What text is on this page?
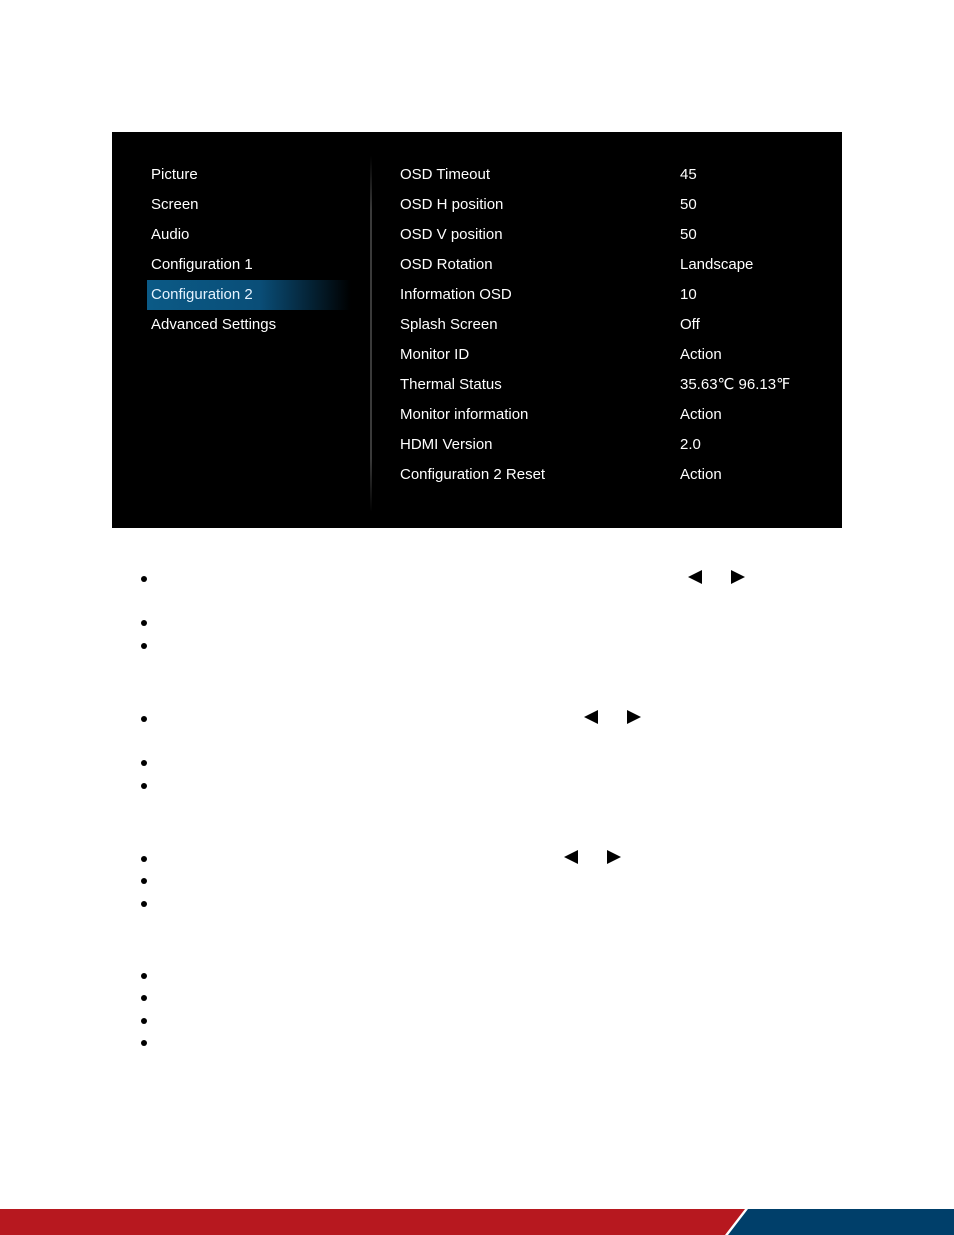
Picture
Screen
Audio
Configuration 1
Configuration 2
Advanced Settings
OSD Timeout	45
OSD H position	50
OSD V position	50
OSD Rotation	Landscape
Information OSD	10
Splash Screen	Off
Monitor ID	Action
Thermal Status	35.63℃ 96.13℉
Monitor information	Action
HDMI Version	2.0
Configuration 2 Reset	Action
